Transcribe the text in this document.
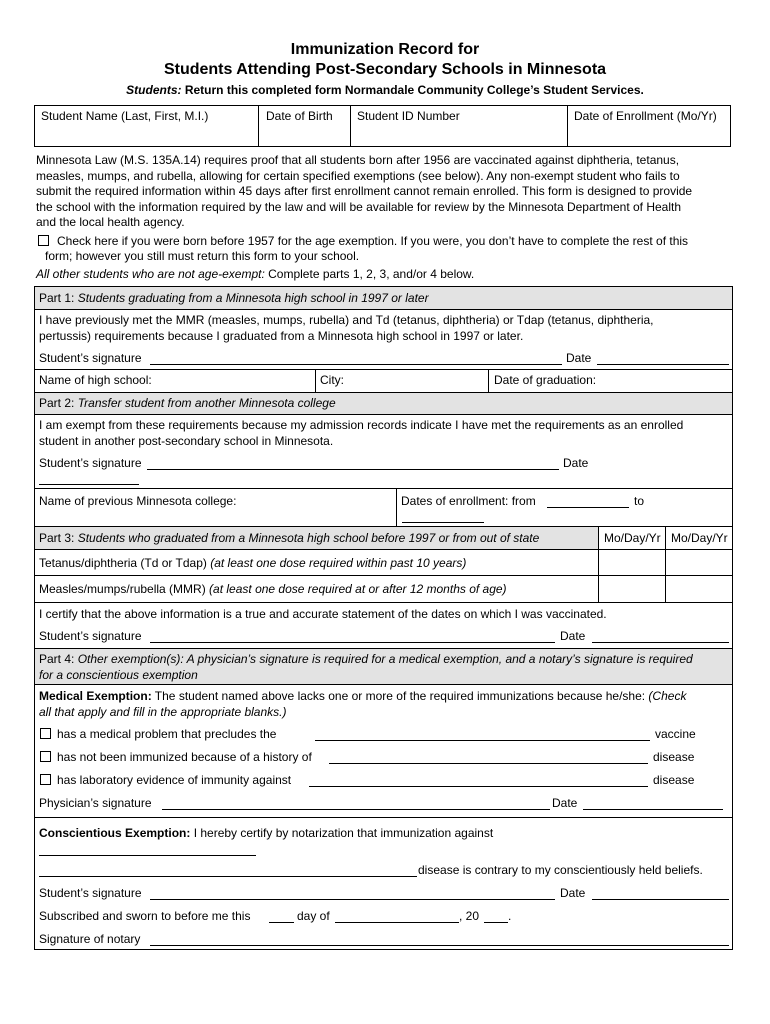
Immunization Record for
Students Attending Post-Secondary Schools in Minnesota
Students: Return this completed form Normandale Community College’s Student Services.
Student Name (Last, First, M.I.)	Date of Birth Student ID Number	Date of Enrollment (Mo/Yr)
Minnesota Law (M.S. 135A.14) requires proof that all students born after 1956 are vaccinated against diphtheria, tetanus,
measles, mumps, and rubella, allowing for certain specified exemptions (see below). Any non-exempt student who fails to
submit the required information within 45 days after first enrollment cannot remain enrolled. This form is designed to provide
the school with the information required by the law and will be available for review by the Minnesota Department of Health
and the local health agency.
Check here if you were born before 1957 for the age exemption. If you were, you don’t have to complete the rest of this
form; however you still must return this form to your school.
All other students who are not age-exempt: Complete parts 1, 2, 3, and/or 4 below.
Part 1: Students graduating from a Minnesota high school in 1997 or later
I have previously met the MMR (measles, mumps, rubella) and Td (tetanus, diphtheria) or Tdap (tetanus, diphtheria,
pertussis) requirements because I graduated from a Minnesota high school in 1997 or later.
Student’s signature	Date
Name of high school:	City:	Date of graduation:
Part 2: Transfer student from another Minnesota college
I am exempt from these requirements because my admission records indicate I have met the requirements as an enrolled
student in another post-secondary school in Minnesota.
Student’s signature	Date
Name of previous Minnesota college:	Dates of enrollment: from	to
Part 3: Students who graduated from a Minnesota high school before 1997 or from out of state	Mo/Day/Yr Mo/Day/Yr
Tetanus/diphtheria (Td or Tdap) (at least one dose required within past 10 years)
Measles/mumps/rubella (MMR) (at least one dose required at or after 12 months of age)
I certify that the above information is a true and accurate statement of the dates on which I was vaccinated.
Student’s signature	Date
Part 4: Other exemption(s): A physician’s signature is required for a medical exemption, and a notary’s signature is required
for a conscientious exemption
Medical Exemption: The student named above lacks one or more of the required immunizations because he/she: (Check
all that apply and fill in the appropriate blanks.)
has a medical problem that precludes the	vaccine
has not been immunized because of a history of	disease
has laboratory evidence of immunity against	disease
Physician’s signature	Date
Conscientious Exemption: I hereby certify by notarization that immunization against
disease is contrary to my conscientiously held beliefs.
Student’s signature	Date
Subscribed and sworn to before me this	day of	, 20 .
Signature of notary
